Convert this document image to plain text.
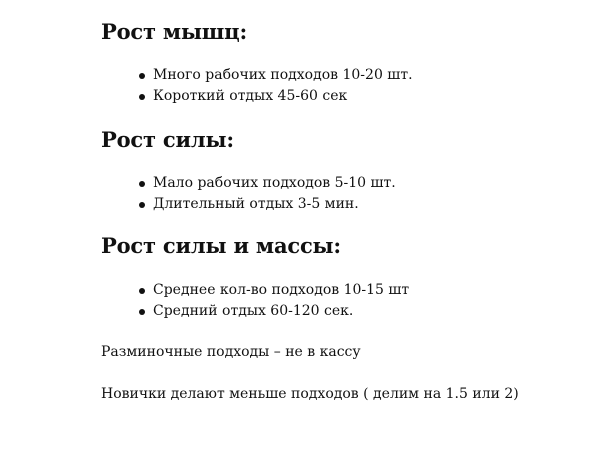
Рост мышц:
Много рабочих подходов 10-20 шт.
Короткий отдых 45-60 сек
Рост силы:
Мало рабочих подходов 5-10 шт.
Длительный отдых 3-5 мин.
Рост силы и массы:
Среднее кол-во подходов 10-15 шт
Средний отдых 60-120 сек.

Разминочные подходы – не в кассу

Новички делают меньше подходов ( делим на 1.5 или 2)
